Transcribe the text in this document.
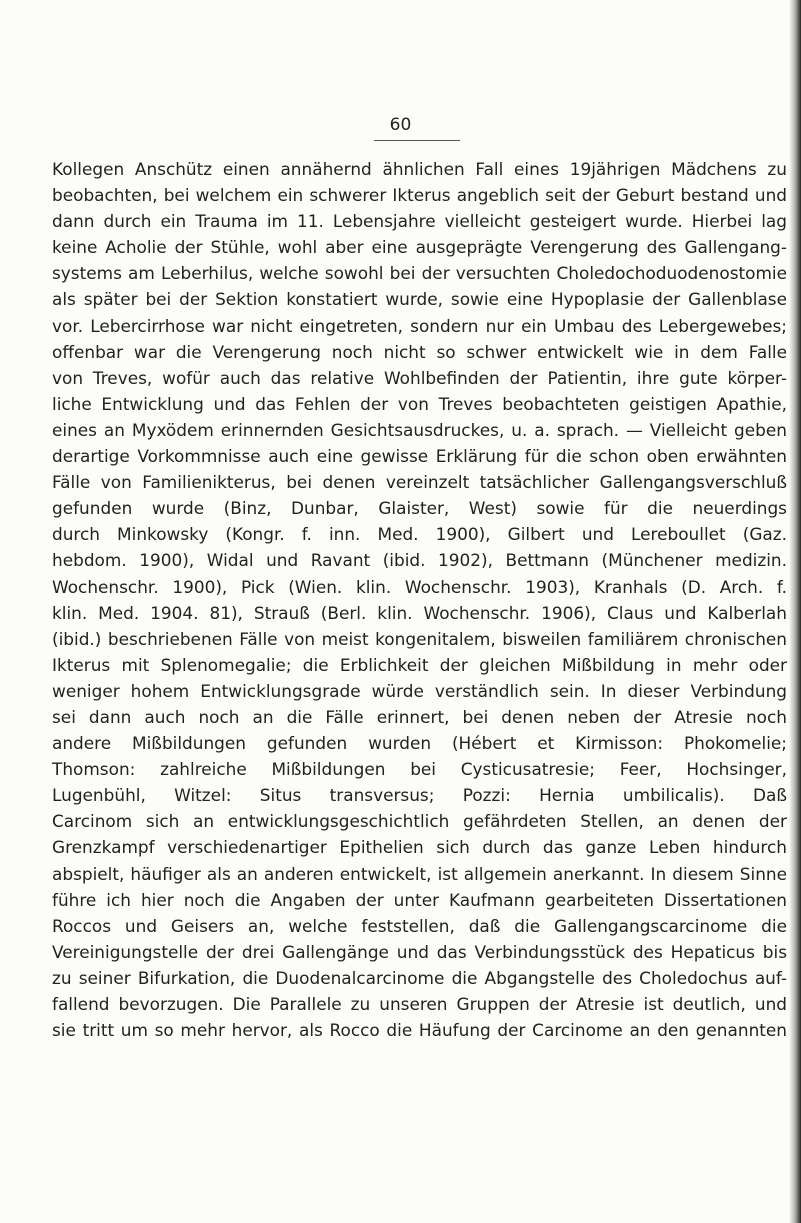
60
Kollegen Anschütz einen annähernd ähnlichen Fall eines 19jährigen Mädchens zu
beobachten, bei welchem ein schwerer Ikterus angeblich seit der Geburt bestand und
dann durch ein Trauma im 11. Lebensjahre vielleicht gesteigert wurde. Hierbei lag
keine Acholie der Stühle, wohl aber eine ausgeprägte Verengerung des Gallengang-
systems am Leberhilus, welche sowohl bei der versuchten Choledochoduodenostomie
als später bei der Sektion konstatiert wurde, sowie eine Hypoplasie der Gallenblase
vor. Lebercirrhose war nicht eingetreten, sondern nur ein Umbau des Lebergewebes;
offenbar war die Verengerung noch nicht so schwer entwickelt wie in dem Falle
von Treves, wofür auch das relative Wohlbefinden der Patientin, ihre gute körper-
liche Entwicklung und das Fehlen der von Treves beobachteten geistigen Apathie,
eines an Myxödem erinnernden Gesichtsausdruckes, u. a. sprach. — Vielleicht geben
derartige Vorkommnisse auch eine gewisse Erklärung für die schon oben erwähnten
Fälle von Familienikterus, bei denen vereinzelt tatsächlicher Gallengangsverschluß
gefunden wurde (Binz, Dunbar, Glaister, West) sowie für die neuerdings
durch Minkowsky (Kongr. f. inn. Med. 1900), Gilbert und Lereboullet (Gaz.
hebdom. 1900), Widal und Ravant (ibid. 1902), Bettmann (Münchener medizin.
Wochenschr. 1900), Pick (Wien. klin. Wochenschr. 1903), Kranhals (D. Arch. f.
klin. Med. 1904. 81), Strauß (Berl. klin. Wochenschr. 1906), Claus und Kalberlah
(ibid.) beschriebenen Fälle von meist kongenitalem, bisweilen familiärem chronischen
Ikterus mit Splenomegalie; die Erblichkeit der gleichen Mißbildung in mehr oder
weniger hohem Entwicklungsgrade würde verständlich sein. In dieser Verbindung
sei dann auch noch an die Fälle erinnert, bei denen neben der Atresie noch
andere Mißbildungen gefunden wurden (Hébert et Kirmisson: Phokomelie;
Thomson: zahlreiche Mißbildungen bei Cysticusatresie; Feer, Hochsinger,
Lugenbühl, Witzel: Situs transversus; Pozzi: Hernia umbilicalis). Daß
Carcinom sich an entwicklungsgeschichtlich gefährdeten Stellen, an denen der
Grenzkampf verschiedenartiger Epithelien sich durch das ganze Leben hindurch
abspielt, häufiger als an anderen entwickelt, ist allgemein anerkannt. In diesem Sinne
führe ich hier noch die Angaben der unter Kaufmann gearbeiteten Dissertationen
Roccos und Geisers an, welche feststellen, daß die Gallengangscarcinome die
Vereinigungstelle der drei Gallengänge und das Verbindungsstück des Hepaticus bis
zu seiner Bifurkation, die Duodenalcarcinome die Abgangstelle des Choledochus auf-
fallend bevorzugen. Die Parallele zu unseren Gruppen der Atresie ist deutlich, und
sie tritt um so mehr hervor, als Rocco die Häufung der Carcinome an den genannten
